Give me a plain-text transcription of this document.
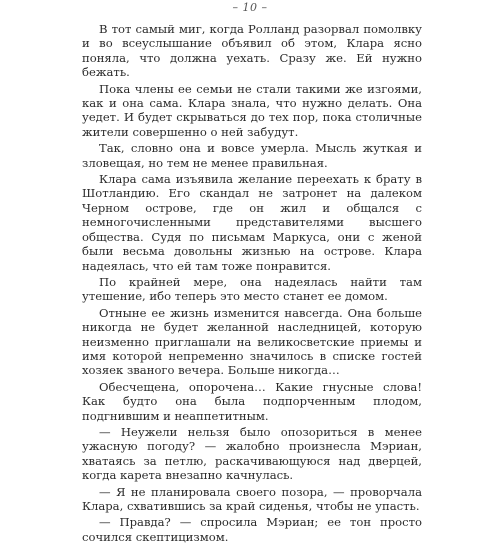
– 10 –

В тот самый миг, когда Ролланд разорвал помолвку и во всеуслышание объявил об этом, Клара ясно поняла, что должна уехать. Сразу же. Ей нужно бежать.

Пока члены ее семьи не стали такими же изгоями, как и она сама. Клара знала, что нужно делать. Она уедет. И будет скрываться до тех пор, пока столичные жители совершенно о ней забудут.

Так, словно она и вовсе умерла. Мысль жуткая и зловещая, но тем не менее правильная.

Клара сама изъявила желание переехать к брату в Шотландию. Его скандал не затронет на далеком Черном острове, где он жил и общался с немногочисленными представителями высшего общества. Судя по письмам Маркуса, они с женой были весьма довольны жизнью на острове. Клара надеялась, что ей там тоже понравится.

По крайней мере, она надеялась найти там утешение, ибо теперь это место станет ее домом.

Отныне ее жизнь изменится навсегда. Она больше никогда не будет желанной наследницей, которую неизменно приглашали на великосветские приемы и имя которой непременно значилось в списке гостей хозяек званого вечера. Больше никогда…

Обесчещена, опорочена… Какие гнусные слова! Как будто она была подпорченным плодом, подгнившим и неаппетитным.

— Неужели нельзя было опозориться в менее ужасную погоду? — жалобно произнесла Мэриан, хватаясь за петлю, раскачивающуюся над дверцей, когда карета внезапно качнулась.

— Я не планировала своего позора, — проворчала Клара, схватившись за край сиденья, чтобы не упасть.

— Правда? — спросила Мэриан; ее тон просто сочился скептицизмом.
